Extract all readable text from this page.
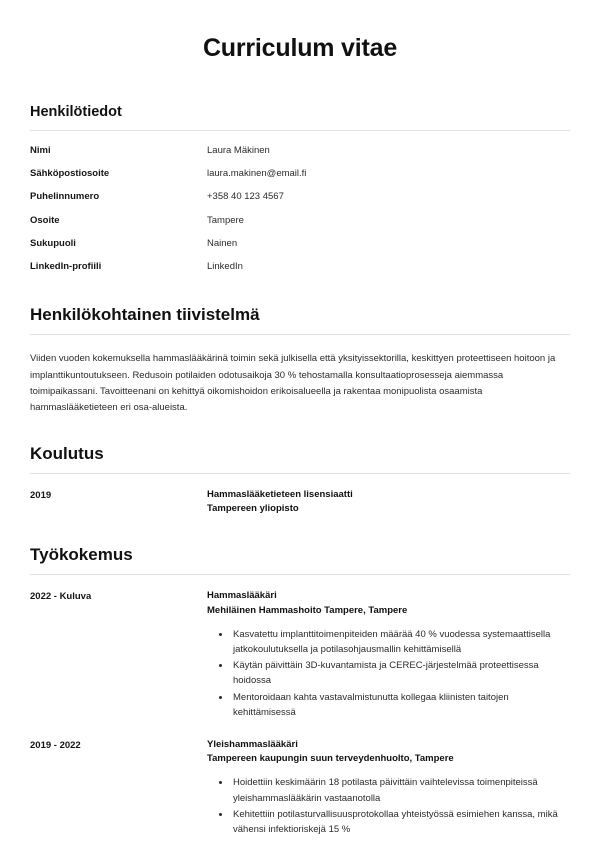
Curriculum vitae
Henkilötiedot
Nimi	Laura Mäkinen
Sähköpostiosoite	laura.makinen@email.fi
Puhelinnumero	+358 40 123 4567
Osoite	Tampere
Sukupuoli	Nainen
LinkedIn-profiili	LinkedIn
Henkilökohtainen tiivistelmä

Viiden vuoden kokemuksella hammaslääkärinä toimin sekä julkisella että yksityissektorilla, keskittyen proteettiseen hoitoon ja implanttikuntoutukseen. Redusoin potilaiden odotusaikoja 30 % tehostamalla konsultaatioprosesseja aiemmassa toimipaikassani. Tavoitteenani on kehittyä oikomishoidon erikoisalueella ja rakentaa monipuolista osaamista hammaslääketieteen eri osa-alueista.

Koulutus
2019	Hammaslääketieteen lisensiaatti
Tampereen yliopisto
Työkokemus
2022 - Kuluva	Hammaslääkäri
Mehiläinen Hammashoito Tampere, Tampere
• Kasvatettu implanttitoimenpiteiden määrää 40 % vuodessa systemaattisella jatkokoulutuksella ja potilasohjausmallin kehittämisellä
• Käytän päivittäin 3D-kuvantamista ja CEREC-järjestelmää proteettisessa hoidossa
• Mentoroidaan kahta vastavalmistunutta kollegaa kliinisten taitojen kehittämisessä
2019 - 2022	Yleishammaslääkäri
Tampereen kaupungin suun terveydenhuolto, Tampere
• Hoidettiin keskimäärin 18 potilasta päivittäin vaihtelevissa toimenpiteissä yleishammaslääkärin vastaanotolla
• Kehitettiin potilasturvallisuusprotokollaa yhteistyössä esimiehen kanssa, mikä vähensi infektioriskejä 15 %
